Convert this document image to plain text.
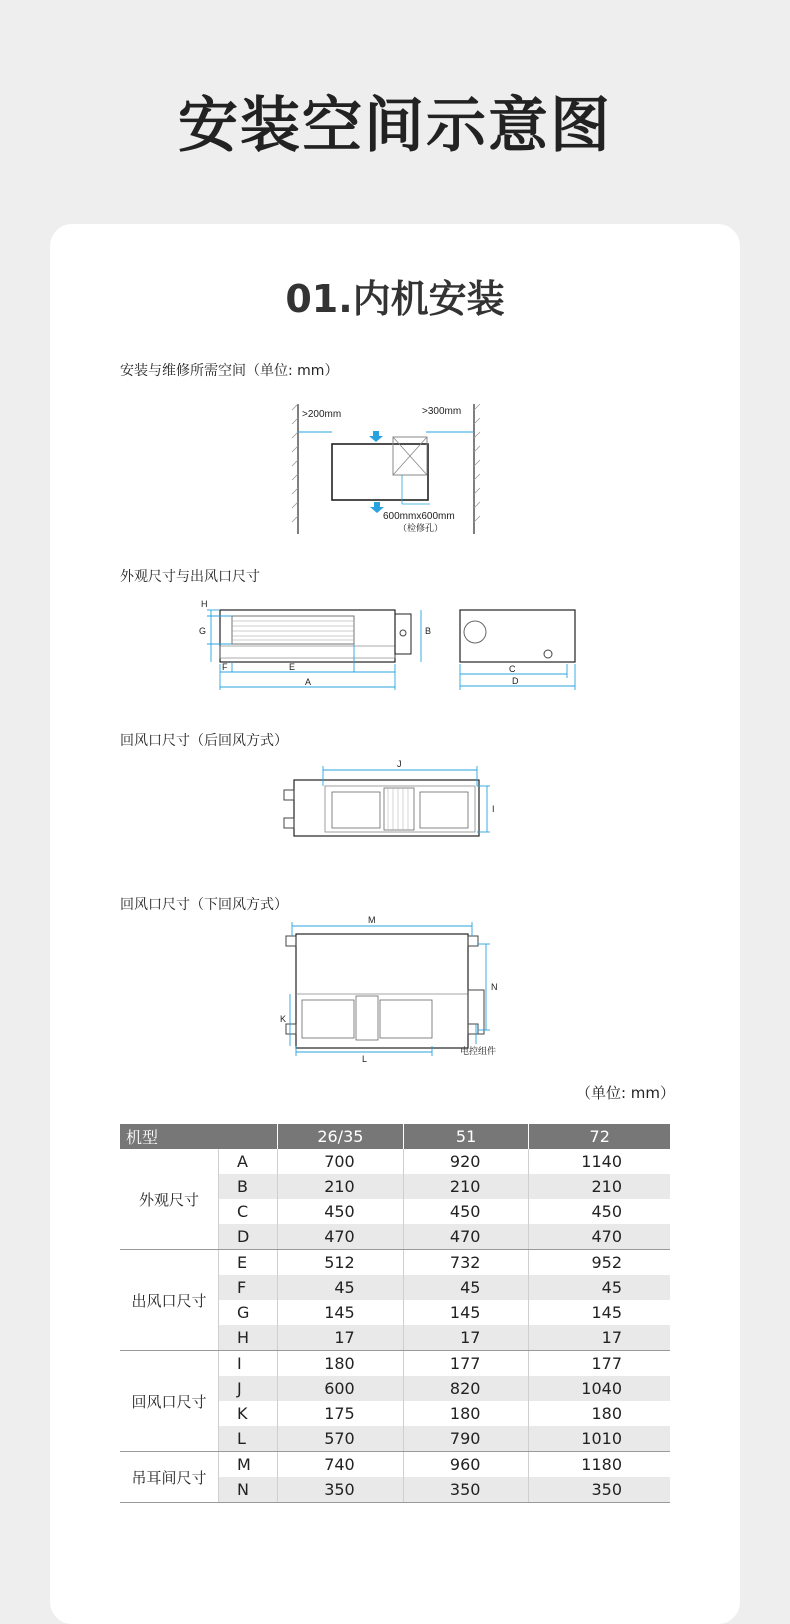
安装空间示意图
01.内机安装
安装与维修所需空间（单位: mm）
>200mm	>300mm
600mmx600mm
（检修孔）
外观尺寸与出风口尺寸
H
G
F	E
A
B
C
D
回风口尺寸（后回风方式）
J
I
回风口尺寸（下回风方式）
M
N
K
L
电控组件
（单位: mm）
机型		26/35	51	72
外观尺寸	A	700	920	1140
	B	210	210	210
	C	450	450	450
	D	470	470	470
出风口尺寸	E	512	732	952
	F	45	45	45
	G	145	145	145
	H	17	17	17
回风口尺寸	I	180	177	177
	J	600	820	1040
	K	175	180	180
	L	570	790	1010
吊耳间尺寸	M	740	960	1180
	N	350	350	350
